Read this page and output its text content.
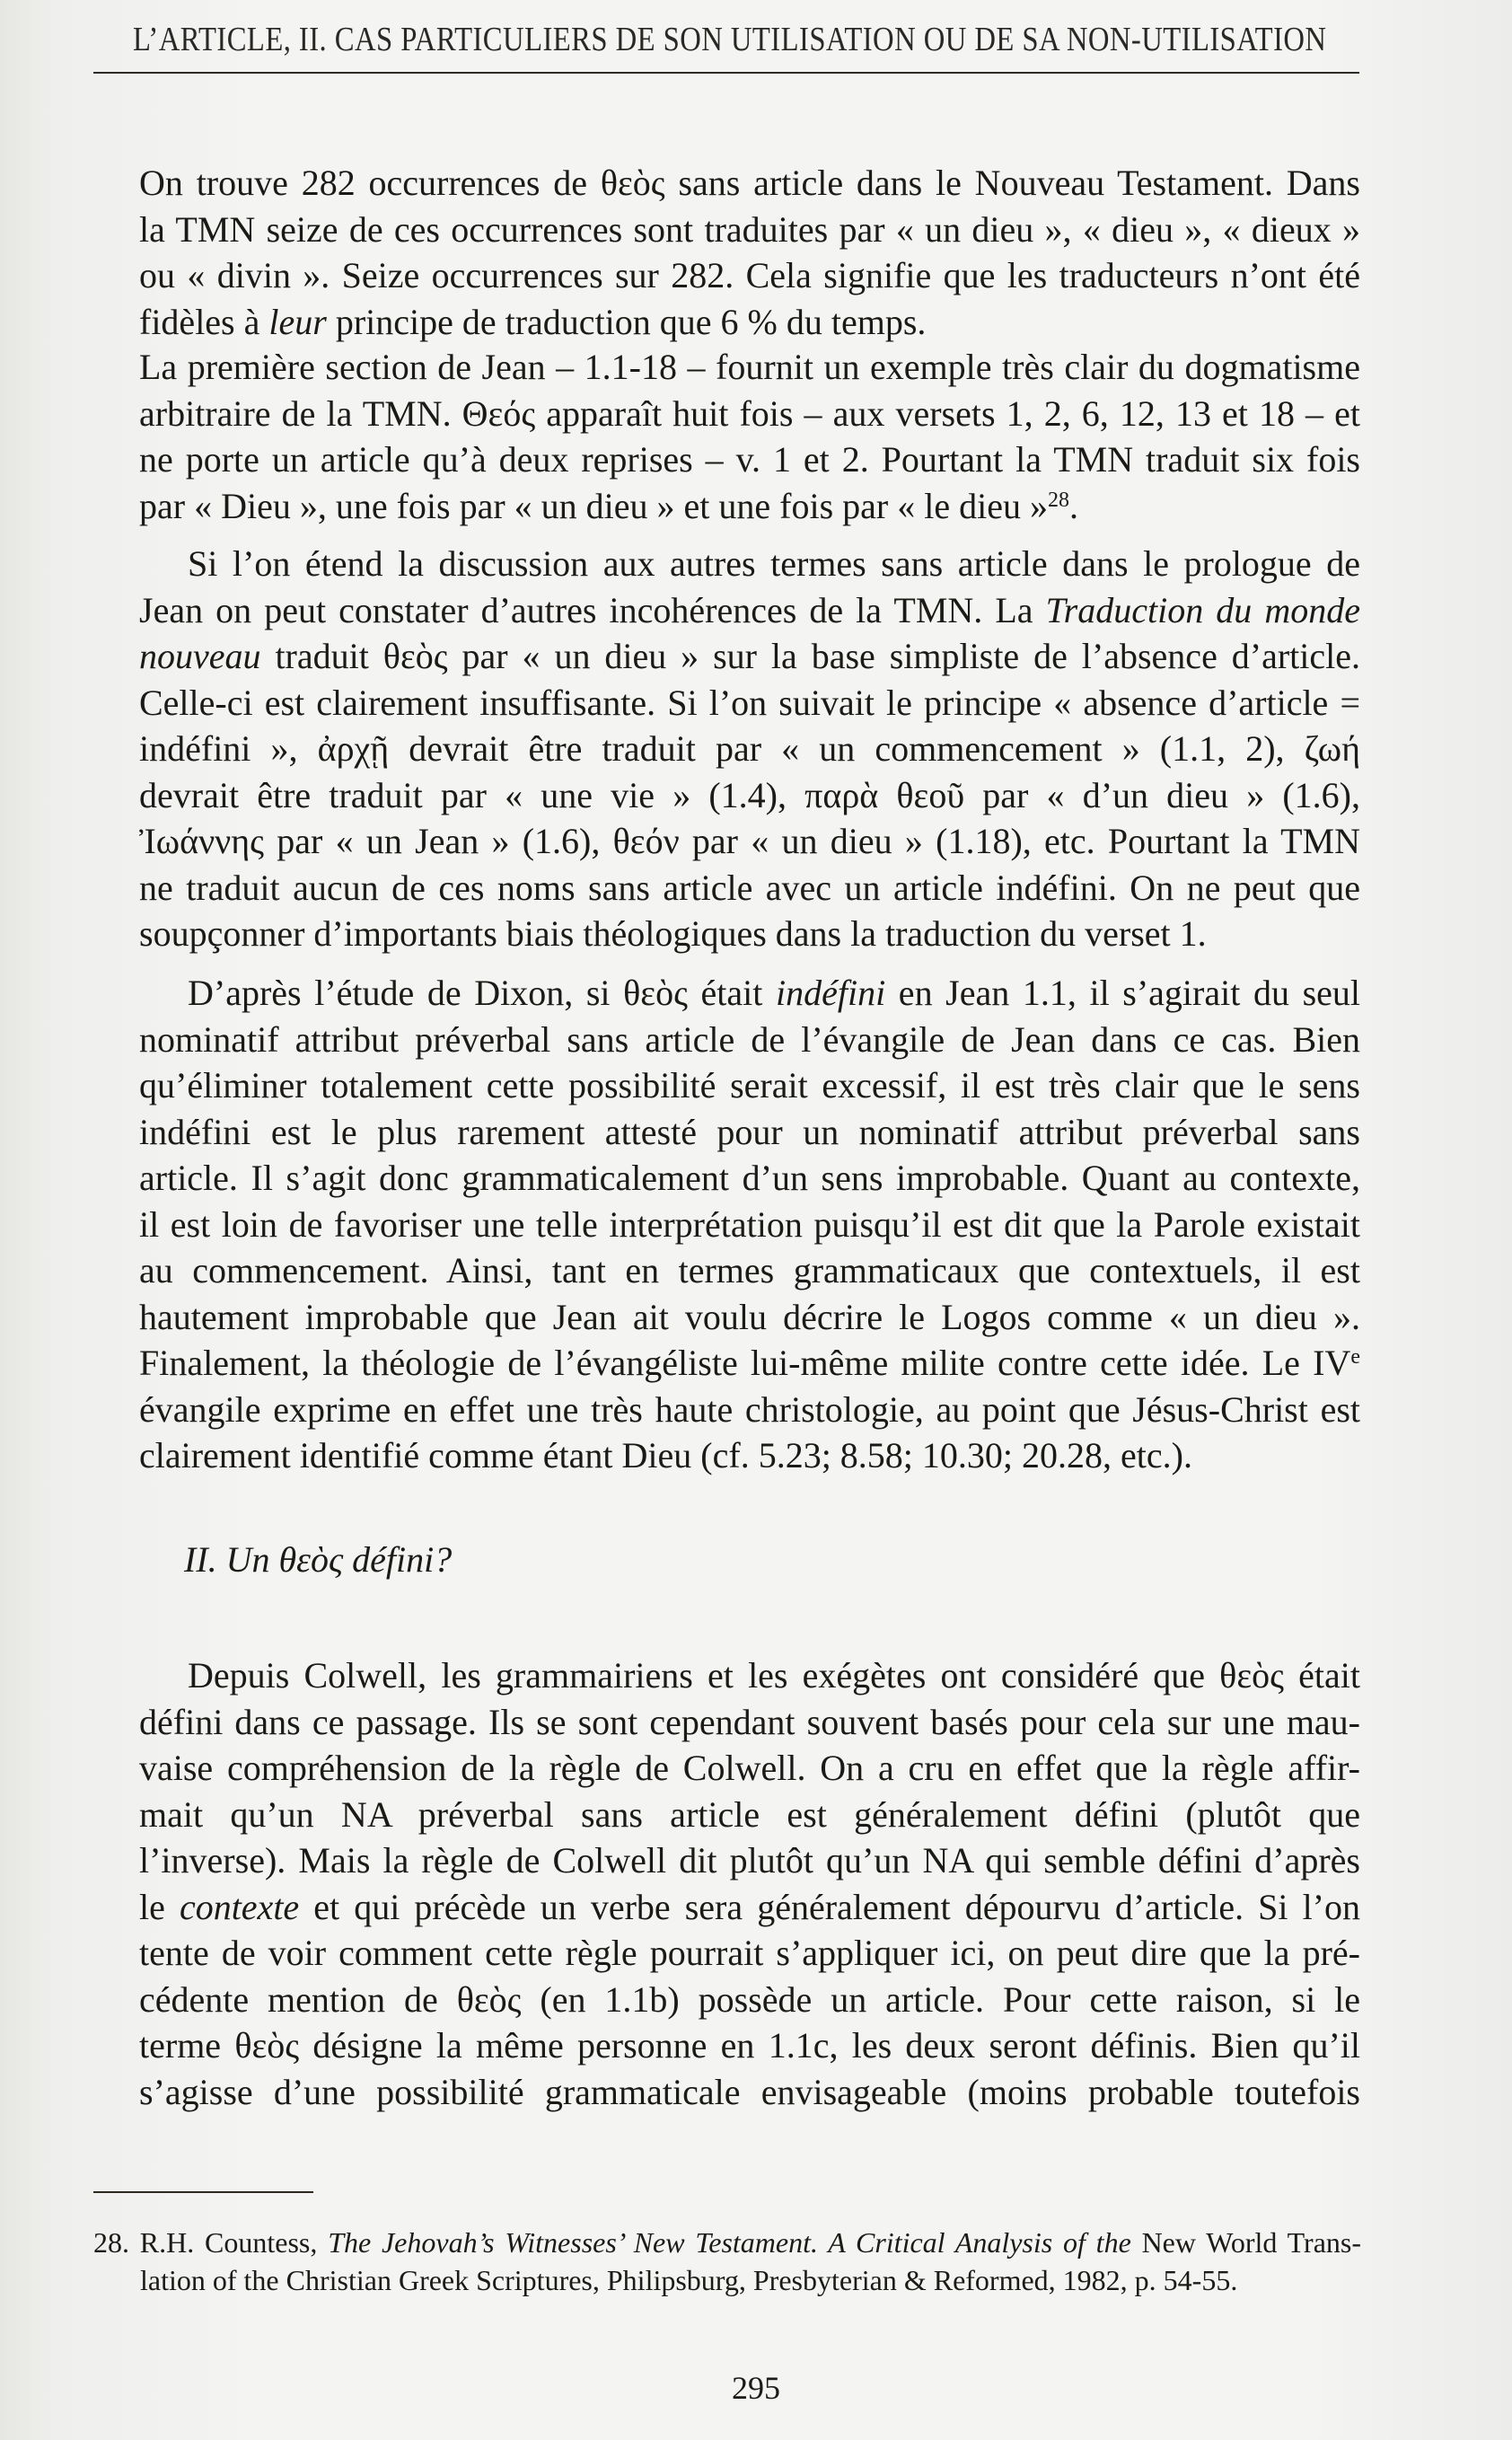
L’ARTICLE, II. CAS PARTICULIERS DE SON UTILISATION OU DE SA NON-UTILISATION
On trouve 282 occurrences de θεὸς sans article dans le Nouveau Testament. Dans
la TMN seize de ces occurrences sont traduites par « un dieu », « dieu », « dieux »
ou « divin ». Seize occurrences sur 282. Cela signifie que les traducteurs n’ont été
fidèles à leur principe de traduction que 6 % du temps.
La première section de Jean – 1.1-18 – fournit un exemple très clair du dogmatisme
arbitraire de la TMN. Θεός apparaît huit fois – aux versets 1, 2, 6, 12, 13 et 18 – et
ne porte un article qu’à deux reprises – v. 1 et 2. Pourtant la TMN traduit six fois
par « Dieu », une fois par « un dieu » et une fois par « le dieu »$^{28}$.
Si l’on étend la discussion aux autres termes sans article dans le prologue de
Jean on peut constater d’autres incohérences de la TMN. La Traduction du monde
nouveau traduit θεὸς par « un dieu » sur la base simpliste de l’absence d’article.
Celle-ci est clairement insuffisante. Si l’on suivait le principe « absence d’article =
indéfini », ἀρχῇ devrait être traduit par « un commencement » (1.1, 2), ζωή
devrait être traduit par « une vie » (1.4), παρὰ θεοῦ par « d’un dieu » (1.6),
Ἰωάννης par « un Jean » (1.6), θεόν par « un dieu » (1.18), etc. Pourtant la TMN
ne traduit aucun de ces noms sans article avec un article indéfini. On ne peut que
soupçonner d’importants biais théologiques dans la traduction du verset 1.
D’après l’étude de Dixon, si θεὸς était indéfini en Jean 1.1, il s’agirait du seul
nominatif attribut préverbal sans article de l’évangile de Jean dans ce cas. Bien
qu’éliminer totalement cette possibilité serait excessif, il est très clair que le sens
indéfini est le plus rarement attesté pour un nominatif attribut préverbal sans
article. Il s’agit donc grammaticalement d’un sens improbable. Quant au contexte,
il est loin de favoriser une telle interprétation puisqu’il est dit que la Parole existait
au commencement. Ainsi, tant en termes grammaticaux que contextuels, il est
hautement improbable que Jean ait voulu décrire le Logos comme « un dieu ».
Finalement, la théologie de l’évangéliste lui-même milite contre cette idée. Le IVe
évangile exprime en effet une très haute christologie, au point que Jésus-Christ est
clairement identifié comme étant Dieu (cf. 5.23; 8.58; 10.30; 20.28, etc.).
II. Un θεὸς défini?
Depuis Colwell, les grammairiens et les exégètes ont considéré que θεὸς était
défini dans ce passage. Ils se sont cependant souvent basés pour cela sur une mau-
vaise compréhension de la règle de Colwell. On a cru en effet que la règle affir-
mait qu’un NA préverbal sans article est généralement défini (plutôt que
l’inverse). Mais la règle de Colwell dit plutôt qu’un NA qui semble défini d’après
le contexte et qui précède un verbe sera généralement dépourvu d’article. Si l’on
tente de voir comment cette règle pourrait s’appliquer ici, on peut dire que la pré-
cédente mention de θεὸς (en 1.1b) possède un article. Pour cette raison, si le
terme θεὸς désigne la même personne en 1.1c, les deux seront définis. Bien qu’il
s’agisse d’une possibilité grammaticale envisageable (moins probable toutefois
28. R.H. Countess, The Jehovah’s Witnesses’ New Testament. A Critical Analysis of the New World Trans-
lation of the Christian Greek Scriptures, Philipsburg, Presbyterian & Reformed, 1982, p. 54-55.
295
